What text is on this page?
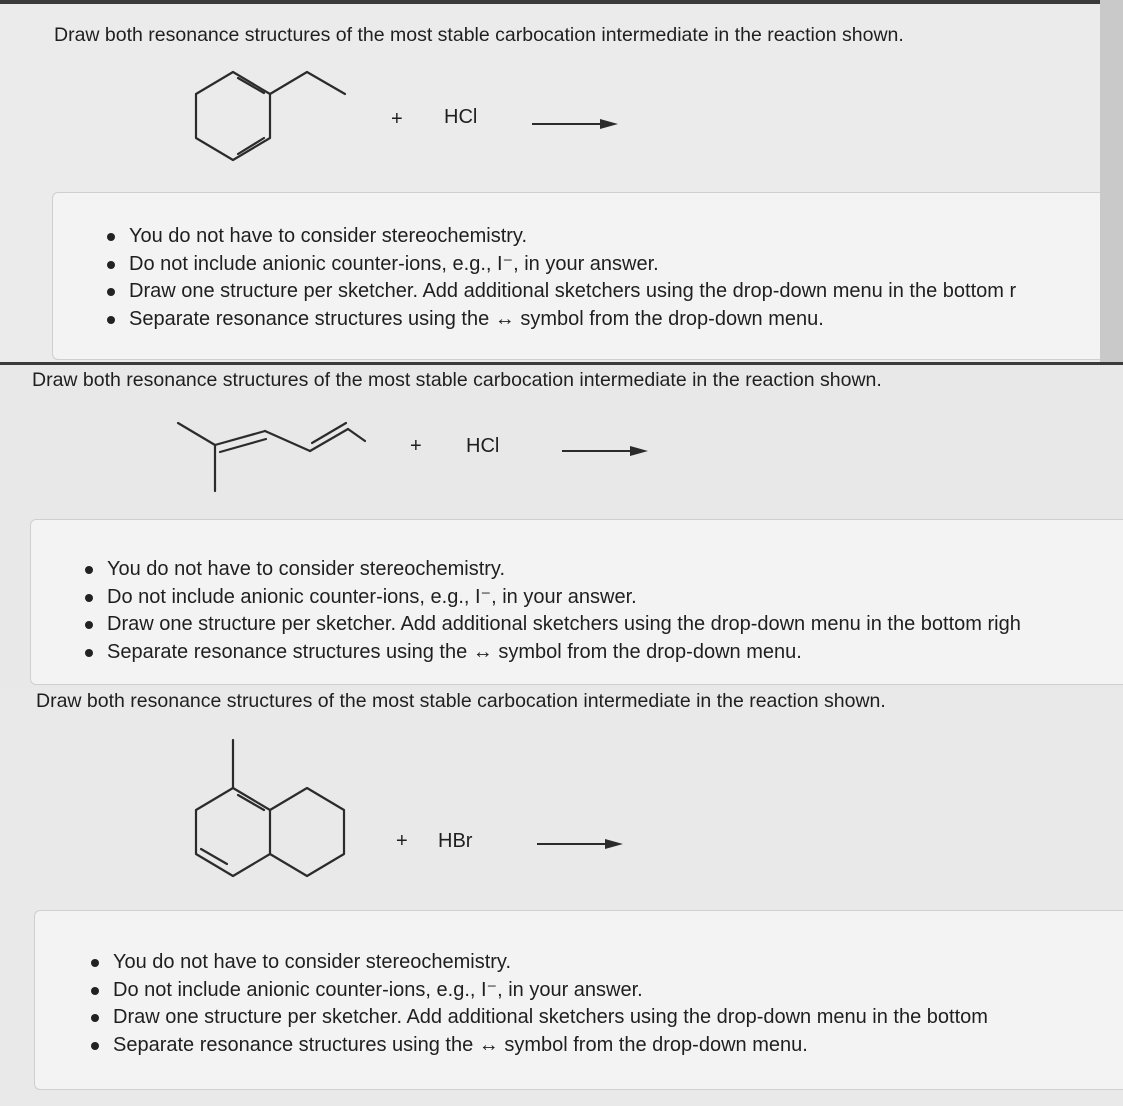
Draw both resonance structures of the most stable carbocation intermediate in the reaction shown.
+ HCl
You do not have to consider stereochemistry.
Do not include anionic counter-ions, e.g., I⁻, in your answer.
Draw one structure per sketcher. Add additional sketchers using the drop-down menu in the bottom r
Separate resonance structures using the ↔ symbol from the drop-down menu.
Draw both resonance structures of the most stable carbocation intermediate in the reaction shown.
+ HCl
You do not have to consider stereochemistry.
Do not include anionic counter-ions, e.g., I⁻, in your answer.
Draw one structure per sketcher. Add additional sketchers using the drop-down menu in the bottom righ
Separate resonance structures using the ↔ symbol from the drop-down menu.
Draw both resonance structures of the most stable carbocation intermediate in the reaction shown.
+ HBr
You do not have to consider stereochemistry.
Do not include anionic counter-ions, e.g., I⁻, in your answer.
Draw one structure per sketcher. Add additional sketchers using the drop-down menu in the bottom
Separate resonance structures using the ↔ symbol from the drop-down menu.
